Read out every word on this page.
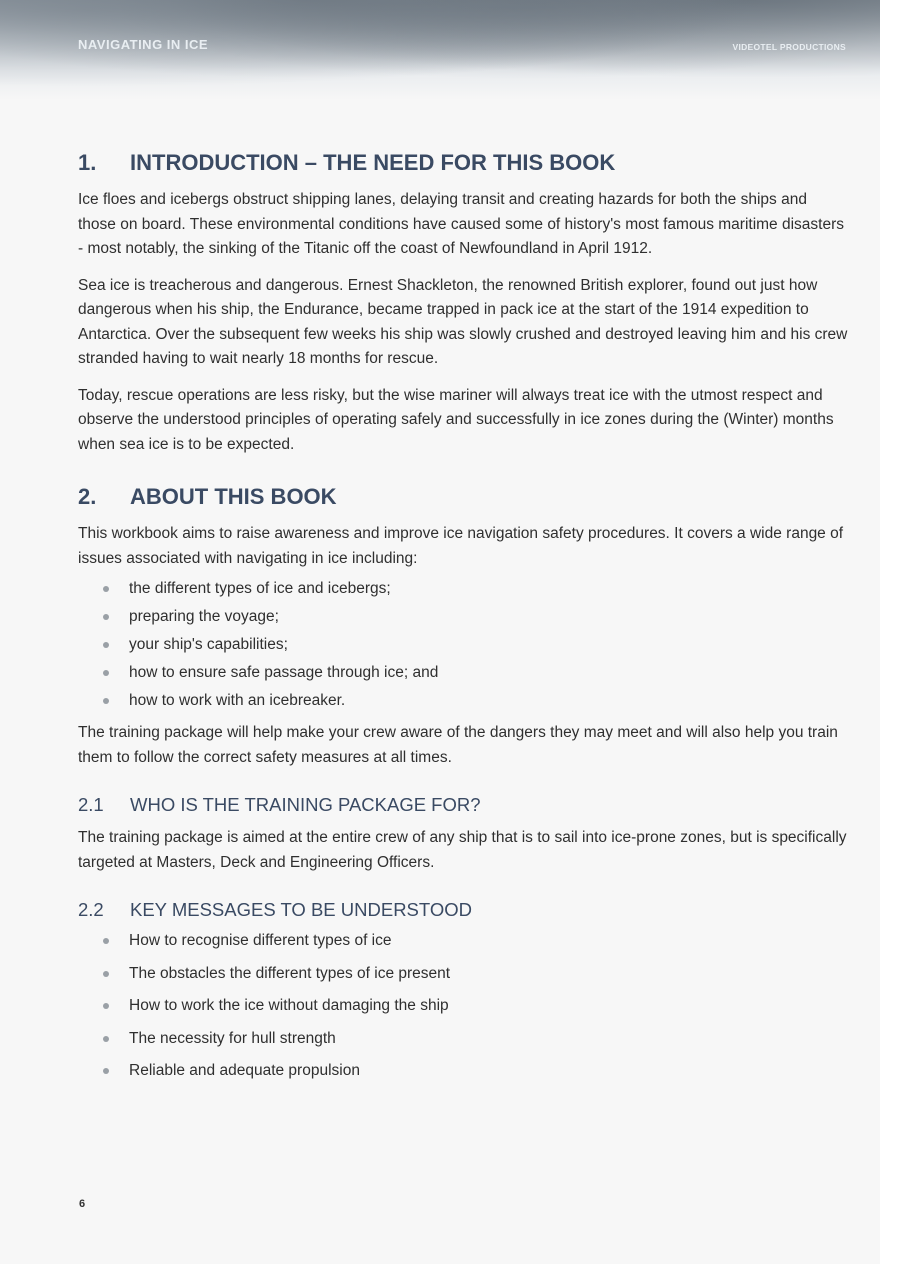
NAVIGATING IN ICE	VIDEOTEL PRODUCTIONS
1.	INTRODUCTION – THE NEED FOR THIS BOOK

Ice floes and icebergs obstruct shipping lanes, delaying transit and creating hazards for both the ships and those on board. These environmental conditions have caused some of history's most famous maritime disasters - most notably, the sinking of the Titanic off the coast of Newfoundland in April 1912.

Sea ice is treacherous and dangerous. Ernest Shackleton, the renowned British explorer, found out just how dangerous when his ship, the Endurance, became trapped in pack ice at the start of the 1914 expedition to Antarctica. Over the subsequent few weeks his ship was slowly crushed and destroyed leaving him and his crew stranded having to wait nearly 18 months for rescue.

Today, rescue operations are less risky, but the wise mariner will always treat ice with the utmost respect and observe the understood principles of operating safely and successfully in ice zones during the (Winter) months when sea ice is to be expected.

2.	ABOUT THIS BOOK

This workbook aims to raise awareness and improve ice navigation safety procedures. It covers a wide range of issues associated with navigating in ice including:

the different types of ice and icebergs;
preparing the voyage;
your ship's capabilities;
how to ensure safe passage through ice; and
how to work with an icebreaker.

The training package will help make your crew aware of the dangers they may meet and will also help you train them to follow the correct safety measures at all times.

2.1	WHO IS THE TRAINING PACKAGE FOR?

The training package is aimed at the entire crew of any ship that is to sail into ice-prone zones, but is specifically targeted at Masters, Deck and Engineering Officers.

2.2	KEY MESSAGES TO BE UNDERSTOOD
How to recognise different types of ice
The obstacles the different types of ice present
How to work the ice without damaging the ship
The necessity for hull strength
Reliable and adequate propulsion
6
